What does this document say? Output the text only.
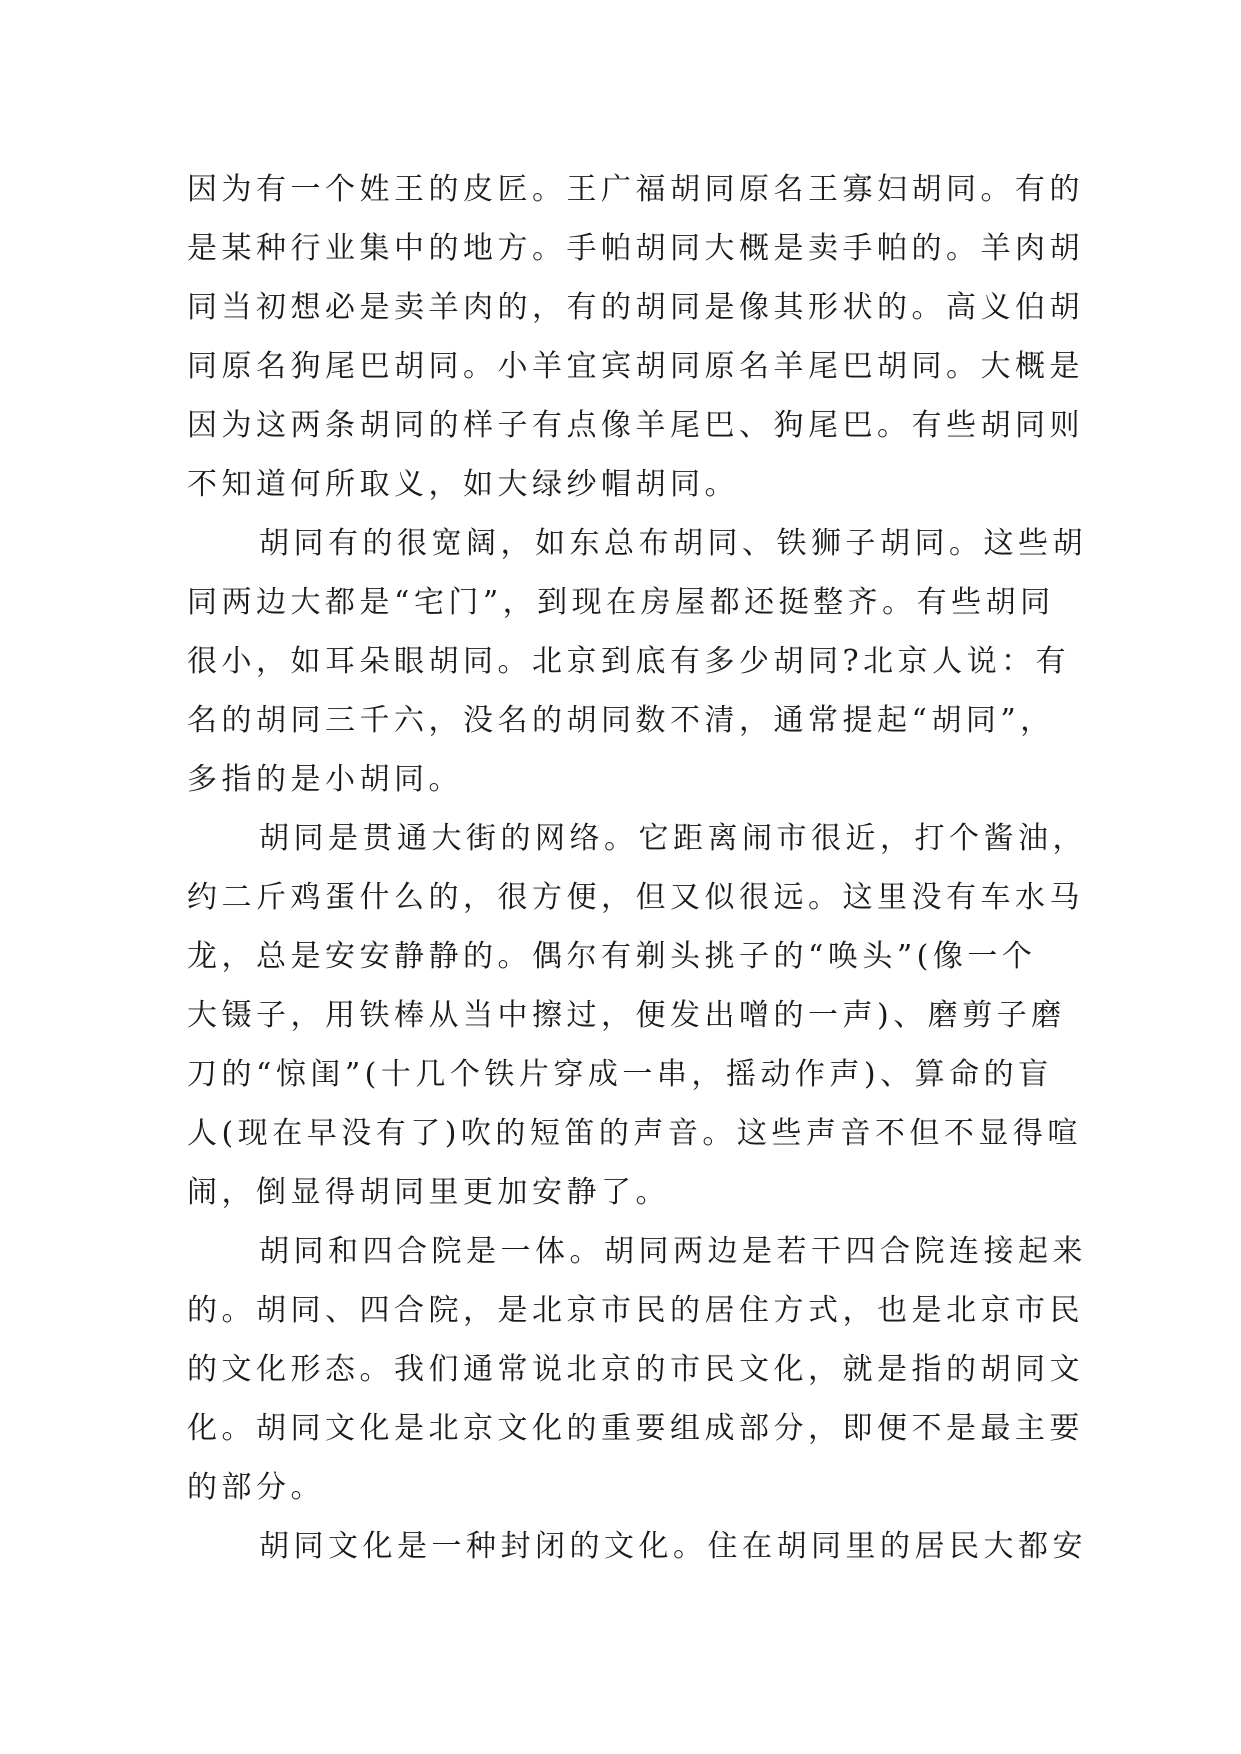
因为有一个姓王的皮匠。王广福胡同原名王寡妇胡同。有的
是某种行业集中的地方。手帕胡同大概是卖手帕的。羊肉胡
同当初想必是卖羊肉的，有的胡同是像其形状的。高义伯胡
同原名狗尾巴胡同。小羊宜宾胡同原名羊尾巴胡同。大概是
因为这两条胡同的样子有点像羊尾巴、狗尾巴。有些胡同则
不知道何所取义，如大绿纱帽胡同。
胡同有的很宽阔，如东总布胡同、铁狮子胡同。这些胡
同两边大都是“宅门”，到现在房屋都还挺整齐。有些胡同
很小，如耳朵眼胡同。北京到底有多少胡同?北京人说：有
名的胡同三千六，没名的胡同数不清，通常提起“胡同”，
多指的是小胡同。
胡同是贯通大街的网络。它距离闹市很近，打个酱油，
约二斤鸡蛋什么的，很方便，但又似很远。这里没有车水马
龙，总是安安静静的。偶尔有剃头挑子的“唤头”(像一个
大镊子，用铁棒从当中擦过，便发出噌的一声)、磨剪子磨
刀的“惊闺”(十几个铁片穿成一串，摇动作声)、算命的盲
人(现在早没有了)吹的短笛的声音。这些声音不但不显得喧
闹，倒显得胡同里更加安静了。
胡同和四合院是一体。胡同两边是若干四合院连接起来
的。胡同、四合院，是北京市民的居住方式，也是北京市民
的文化形态。我们通常说北京的市民文化，就是指的胡同文
化。胡同文化是北京文化的重要组成部分，即便不是最主要
的部分。
胡同文化是一种封闭的文化。住在胡同里的居民大都安
